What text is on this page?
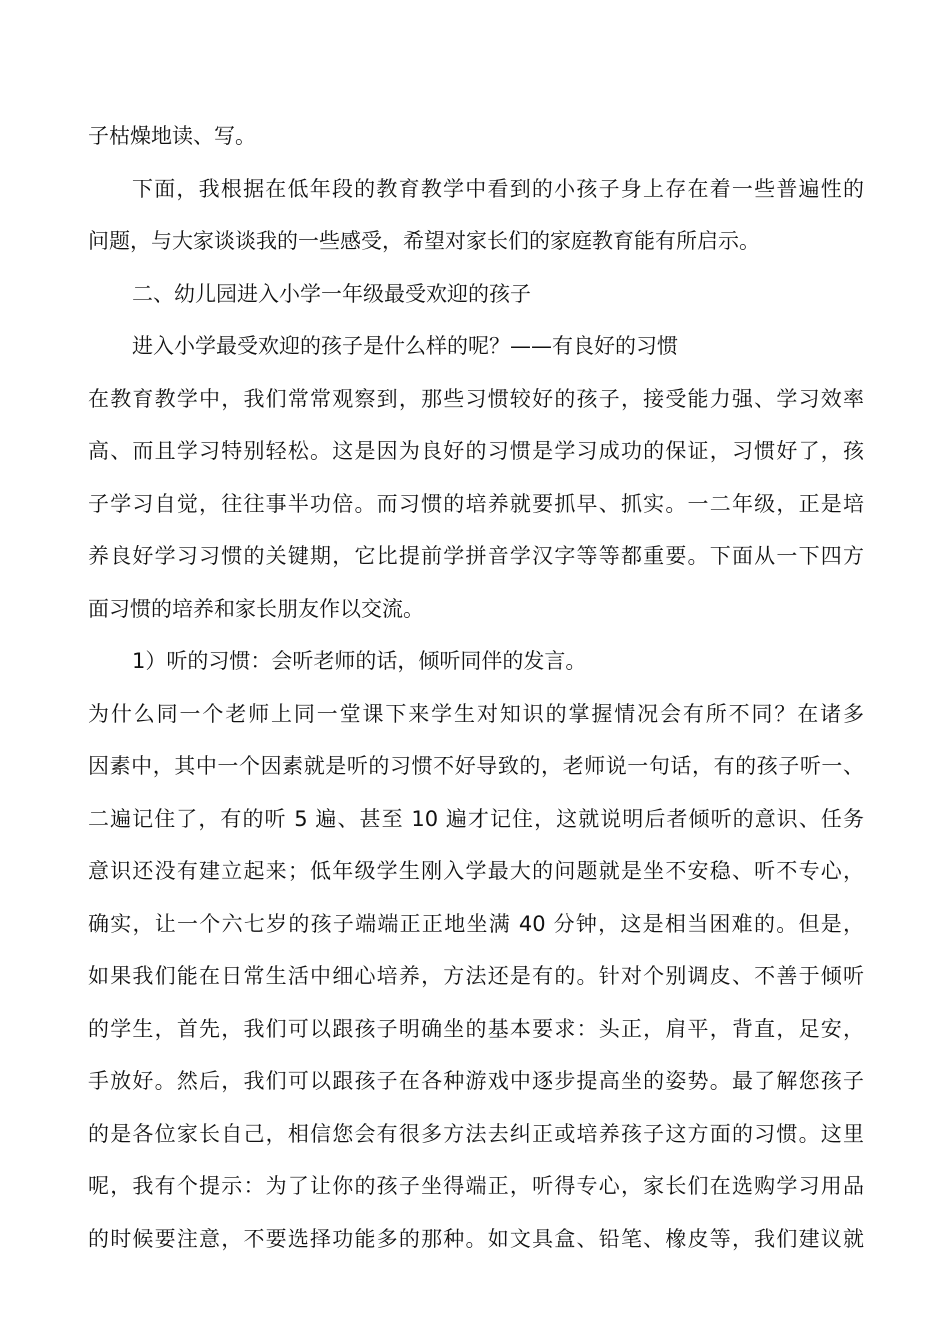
子枯燥地读、写。
下面，我根据在低年段的教育教学中看到的小孩子身上存在着一些普遍性的
问题，与大家谈谈我的一些感受，希望对家长们的家庭教育能有所启示。
二、幼儿园进入小学一年级最受欢迎的孩子
进入小学最受欢迎的孩子是什么样的呢？——有良好的习惯
在教育教学中，我们常常观察到，那些习惯较好的孩子，接受能力强、学习效率
高、而且学习特别轻松。这是因为良好的习惯是学习成功的保证，习惯好了，孩
子学习自觉，往往事半功倍。而习惯的培养就要抓早、抓实。一二年级，正是培
养良好学习习惯的关键期，它比提前学拼音学汉字等等都重要。下面从一下四方
面习惯的培养和家长朋友作以交流。
1）听的习惯：会听老师的话，倾听同伴的发言。
为什么同一个老师上同一堂课下来学生对知识的掌握情况会有所不同？在诸多
因素中，其中一个因素就是听的习惯不好导致的，老师说一句话，有的孩子听一、
二遍记住了，有的听 5 遍、甚至 10 遍才记住，这就说明后者倾听的意识、任务
意识还没有建立起来；低年级学生刚入学最大的问题就是坐不安稳、听不专心，
确实，让一个六七岁的孩子端端正正地坐满 40 分钟，这是相当困难的。但是，
如果我们能在日常生活中细心培养，方法还是有的。针对个别调皮、不善于倾听
的学生，首先，我们可以跟孩子明确坐的基本要求：头正，肩平，背直，足安，
手放好。然后，我们可以跟孩子在各种游戏中逐步提高坐的姿势。最了解您孩子
的是各位家长自己，相信您会有很多方法去纠正或培养孩子这方面的习惯。这里
呢，我有个提示：为了让你的孩子坐得端正，听得专心，家长们在选购学习用品
的时候要注意，不要选择功能多的那种。如文具盒、铅笔、橡皮等，我们建议就
